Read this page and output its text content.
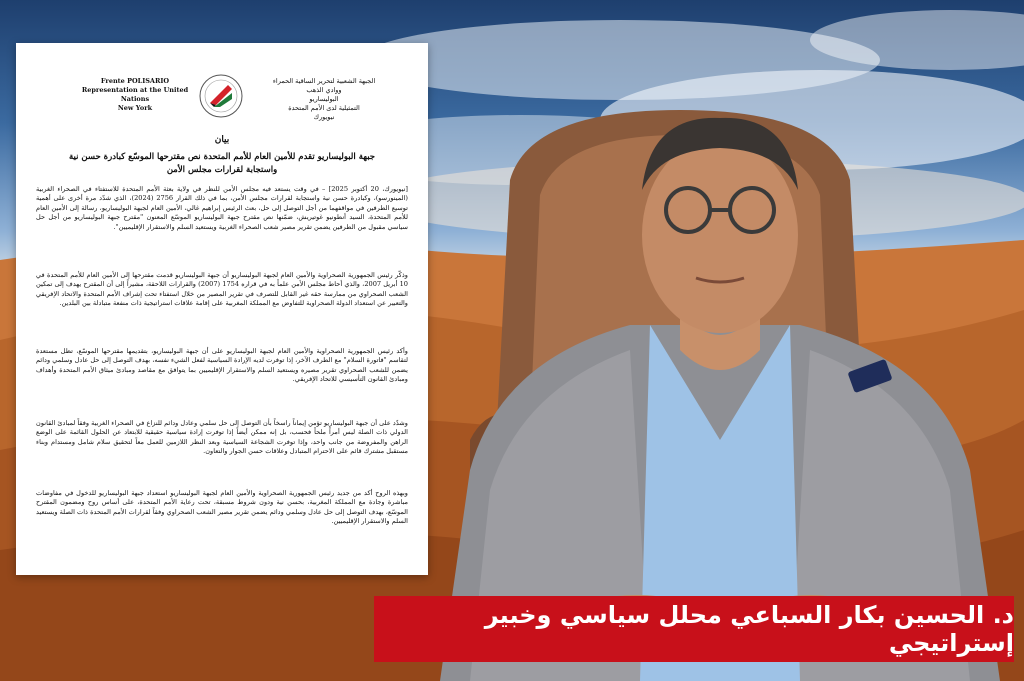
Frente POLISARIO
Representation at the United Nations
New York
الجبهة الشعبية لتحرير الساقية الحمراء ووادي الذهب
البوليساريو
التمثيلية لدى الأمم المتحدة
نيويورك
بيان
جبهة البوليساريو تقدم للأمين العام للأمم المتحدة نص مقترحها الموسّع كبادرة حسن نية واستجابة لقرارات مجلس الأمن
[نيويورك، 20 أكتوبر 2025] – في وقت يستعد فيه مجلس الأمن للنظر في ولاية بعثة الأمم المتحدة للاستفتاء في الصحراء الغربية (المينورسو)، وكبادرة حسن نية واستجابة لقرارات مجلس الأمن، بما في ذلك القرار 2756 (2024)، الذي شدّد مرة أخرى على أهمية توسيع الطرفين في مواقفهما من أجل التوصل إلى حل، بعث الرئيس إبراهيم غالي، الأمين العام لجبهة البوليساريو، رسالة إلى الأمين العام للأمم المتحدة، السيد أنطونيو غوتيريش، ضمّنها نص مقترح جبهة البوليساريو الموسّع المعنون "مقترح جبهة البوليساريو من أجل حل سياسي مقبول من الطرفين يضمن تقرير مصير شعب الصحراء الغربية ويستعيد السلم والاستقرار الإقليميين".
وذكّر رئيس الجمهورية الصحراوية والأمين العام لجبهة البوليساريو أن جبهة البوليساريو قدمت مقترحها إلى الأمين العام للأمم المتحدة في 10 أبريل 2007، والذي أحاط مجلس الأمن علماً به في قراره 1754 (2007) والقرارات اللاحقة، مشيراً إلى أن المقترح يهدف إلى تمكين الشعب الصحراوي من ممارسة حقه غير القابل للتصرف في تقرير المصير من خلال استفتاء تحت إشراف الأمم المتحدة والاتحاد الإفريقي والتعبير عن استعداد الدولة الصحراوية للتفاوض مع المملكة المغربية على إقامة علاقات استراتيجية ذات منفعة متبادلة بين البلدين.
وأكد رئيس الجمهورية الصحراوية والأمين العام لجبهة البوليساريو على أن جبهة البوليساريو، بتقديمها مقترحها الموسّع، تظل مستعدة لتقاسم "فاتورة السلام" مع الطرف الآخر، إذا توفرت لديه الإرادة السياسية لفعل الشيء نفسه، بهدف التوصل إلى حل عادل وسلمي ودائم يضمن للشعب الصحراوي تقرير مصيره ويستعيد السلم والاستقرار الإقليميين بما يتوافق مع مقاصد ومبادئ ميثاق الأمم المتحدة وأهداف ومبادئ القانون التأسيسي للاتحاد الإفريقي.
وشدّد على أن جبهة البوليساريو تؤمن إيماناً راسخاً بأن التوصل إلى حل سلمي وعادل ودائم للنزاع في الصحراء الغربية وفقاً لمبادئ القانون الدولي ذات الصلة ليس أمراً ملحاً فحسب، بل إنه ممكن أيضاً إذا توفرت إرادة سياسية حقيقية للابتعاد عن الحلول القائمة على الوضع الراهن والمفروضة من جانب واحد، وإذا توفرت الشجاعة السياسية وبعد النظر اللازمين للعمل معاً لتحقيق سلام شامل ومستدام وبناء مستقبل مشترك قائم على الاحترام المتبادل وعلاقات حسن الجوار والتعاون.
وبهذه الروح أكد من جديد رئيس الجمهورية الصحراوية والأمين العام لجبهة البوليساريو استعداد جبهة البوليساريو للدخول في مفاوضات مباشرة وجادة مع المملكة المغربية، بحسن نية ودون شروط مسبقة، تحت رعاية الأمم المتحدة، على أساس روح ومضمون المقترح الموسّع، بهدف التوصل إلى حل عادل وسلمي ودائم يضمن تقرير مصير الشعب الصحراوي وفقاً لقرارات الأمم المتحدة ذات الصلة ويستعيد السلم والاستقرار الإقليميين.
د. الحسين بكار السباعي محلل سياسي وخبير إستراتيجي
